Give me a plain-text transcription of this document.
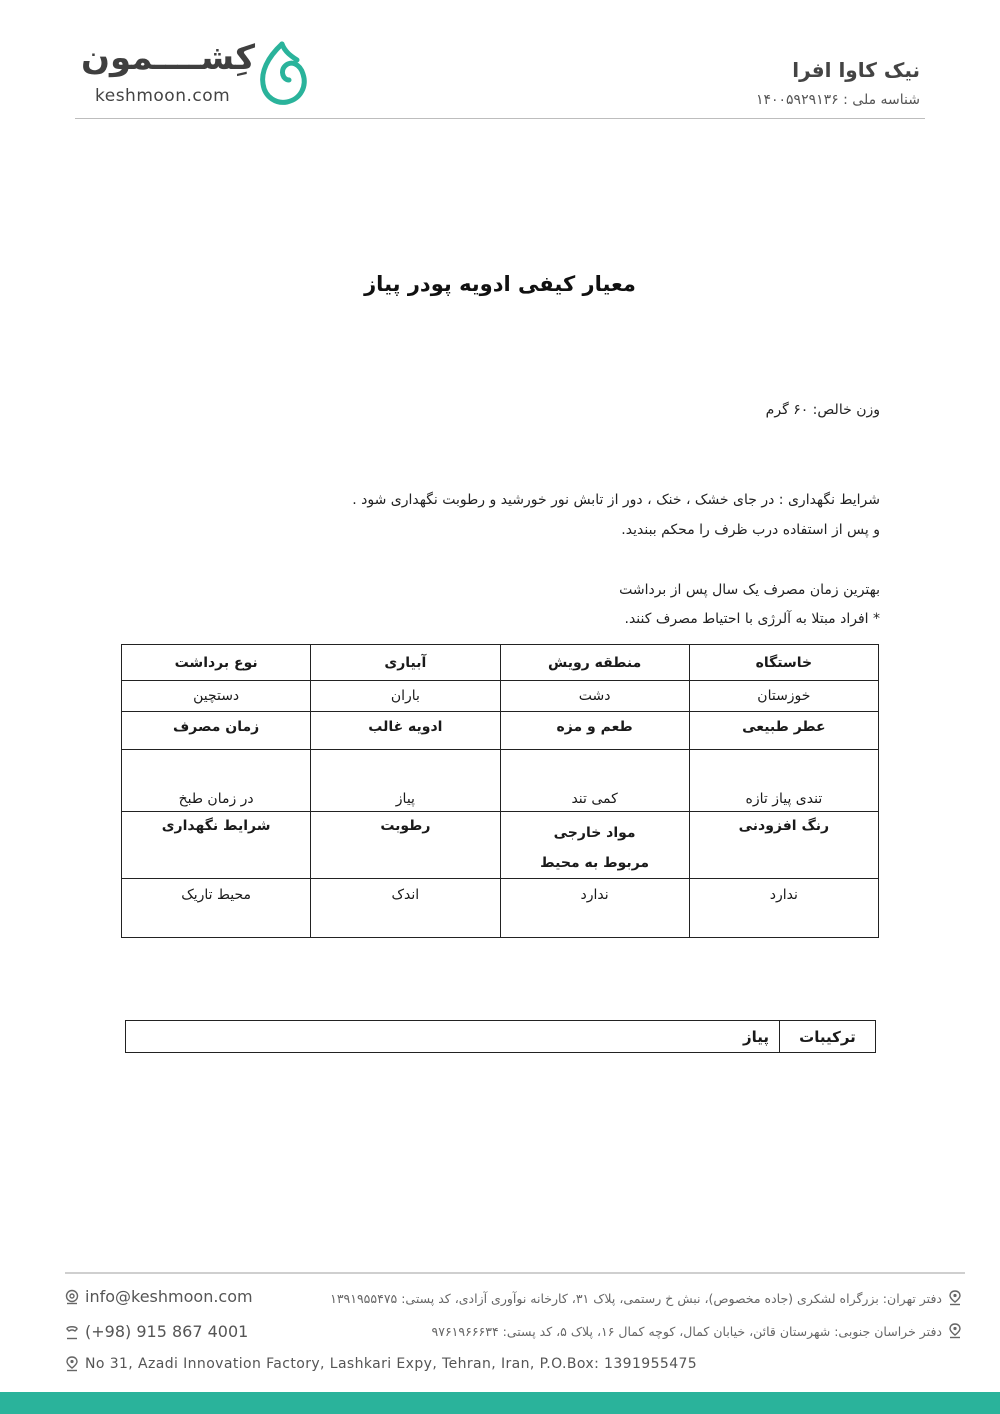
نیک کاوا افرا
شناسه ملی : ۱۴۰۰۵۹۲۹۱۳۶
کِشــــمون
keshmoon.com
معیار کیفی ادویه پودر پیاز
وزن خالص: ۶۰ گرم
شرایط نگهداری : در جای خشک ، خنک ، دور از تابش نور خورشید و رطوبت نگهداری شود .
و پس از استفاده درب ظرف را محکم ببندید.
بهترین زمان مصرف یک سال پس از برداشت
* افراد مبتلا به آلرژی با احتیاط مصرف کنند.
خاستگاه	منطقه رویش	آبیاری	نوع برداشت
خوزستان	دشت	باران	دستچین
عطر طبیعی	طعم و مزه	ادویه غالب	زمان مصرف
تندی پیاز تازه	کمی تند	پیاز	در زمان طبخ
رنگ افزودنی	مواد خارجی مربوط به محیط	رطوبت	شرایط نگهداری
ندارد	ندارد	اندک	محیط تاریک
ترکیبات	پیاز
info@keshmoon.com
(+98) 915 867 4001
No 31, Azadi Innovation Factory, Lashkari Expy, Tehran, Iran, P.O.Box: 1391955475
دفتر تهران: بزرگراه لشکری (جاده مخصوص)، نبش خ رستمی، پلاک ۳۱، کارخانه نوآوری آزادی، کد پستی: ۱۳۹۱۹۵۵۴۷۵
دفتر خراسان جنوبی: شهرستان قائن، خیابان کمال، کوچه کمال ۱۶، پلاک ۵، کد پستی: ۹۷۶۱۹۶۶۶۳۴
